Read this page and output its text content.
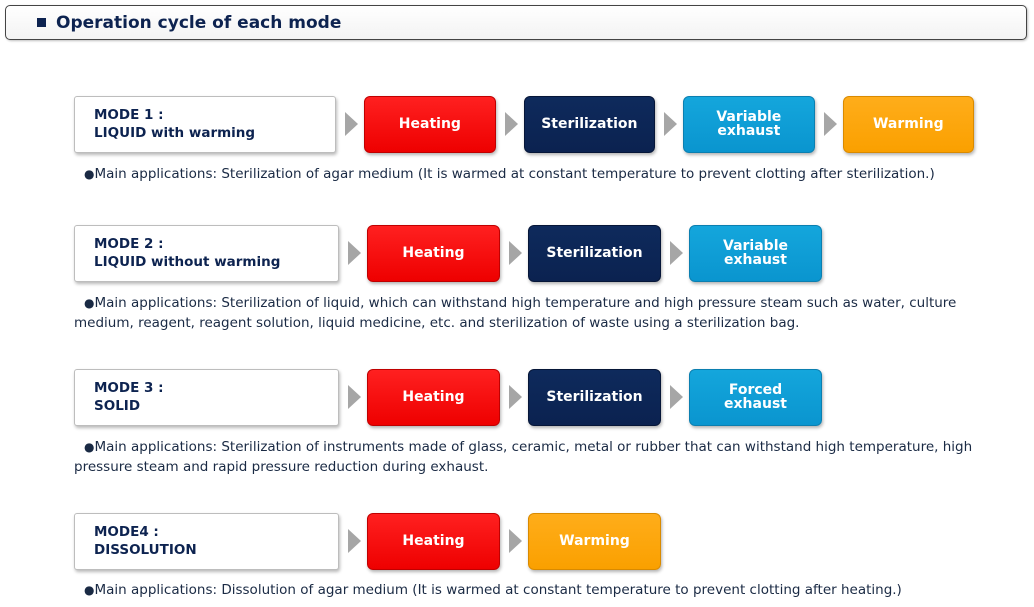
Operation cycle of each mode
MODE 1 :
LIQUID with warming
Heating	Sterilization	Variable
exhaust	Warming
●Main applications: Sterilization of agar medium (It is warmed at constant temperature to prevent clotting after sterilization.)
MODE 2 :
LIQUID without warming
Heating	Sterilization	Variable
exhaust
●Main applications: Sterilization of liquid, which can withstand high temperature and high pressure steam such as water, culture medium, reagent, reagent solution, liquid medicine, etc. and sterilization of waste using a sterilization bag.
MODE 3 :
SOLID
Heating	Sterilization	Forced
exhaust
●Main applications: Sterilization of instruments made of glass, ceramic, metal or rubber that can withstand high temperature, high pressure steam and rapid pressure reduction during exhaust.
MODE4 :
DISSOLUTION
Heating	Warming
●Main applications: Dissolution of agar medium (It is warmed at constant temperature to prevent clotting after heating.)
